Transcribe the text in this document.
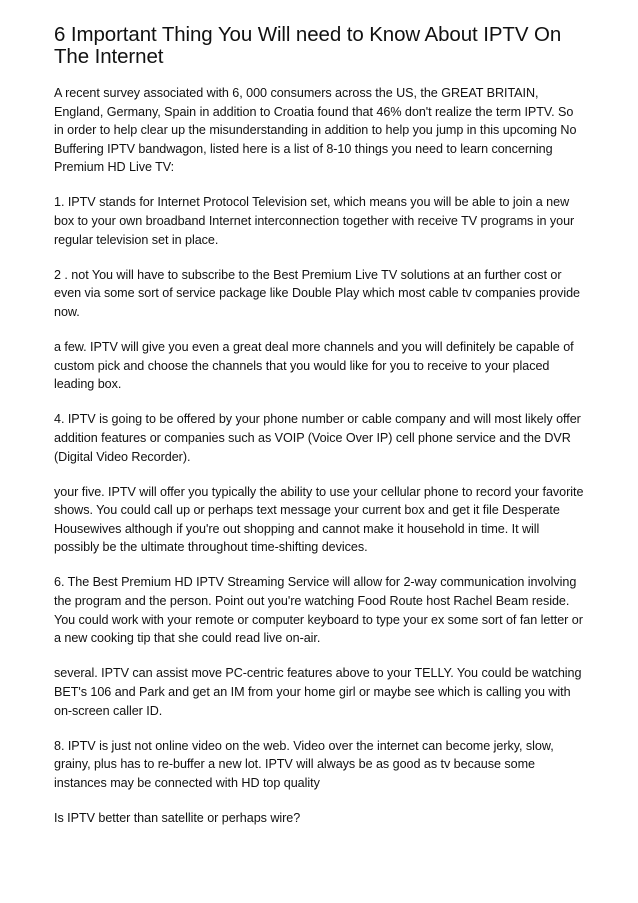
6 Important Thing You Will need to Know About IPTV On The Internet

A recent survey associated with 6, 000 consumers across the US, the GREAT BRITAIN, England, Germany, Spain in addition to Croatia found that 46% don't realize the term IPTV. So in order to help clear up the misunderstanding in addition to help you jump in this upcoming No Buffering IPTV bandwagon, listed here is a list of 8-10 things you need to learn concerning Premium HD Live TV:

1. IPTV stands for Internet Protocol Television set, which means you will be able to join a new box to your own broadband Internet interconnection together with receive TV programs in your regular television set in place.

2 . not You will have to subscribe to the Best Premium Live TV solutions at an further cost or even via some sort of service package like Double Play which most cable tv companies provide now.

a few. IPTV will give you even a great deal more channels and you will definitely be capable of custom pick and choose the channels that you would like for you to receive to your placed leading box.

4. IPTV is going to be offered by your phone number or cable company and will most likely offer addition features or companies such as VOIP (Voice Over IP) cell phone service and the DVR (Digital Video Recorder).

your five. IPTV will offer you typically the ability to use your cellular phone to record your favorite shows. You could call up or perhaps text message your current box and get it file Desperate Housewives although if you're out shopping and cannot make it household in time. It will possibly be the ultimate throughout time-shifting devices.

6. The Best Premium HD IPTV Streaming Service will allow for 2-way communication involving the program and the person. Point out you're watching Food Route host Rachel Beam reside. You could work with your remote or computer keyboard to type your ex some sort of fan letter or a new cooking tip that she could read live on-air.

several. IPTV can assist move PC-centric features above to your TELLY. You could be watching BET's 106 and Park and get an IM from your home girl or maybe see which is calling you with on-screen caller ID.

8. IPTV is just not online video on the web. Video over the internet can become jerky, slow, grainy, plus has to re-buffer a new lot. IPTV will always be as good as tv because some instances may be connected with HD top quality

Is IPTV better than satellite or perhaps wire?
